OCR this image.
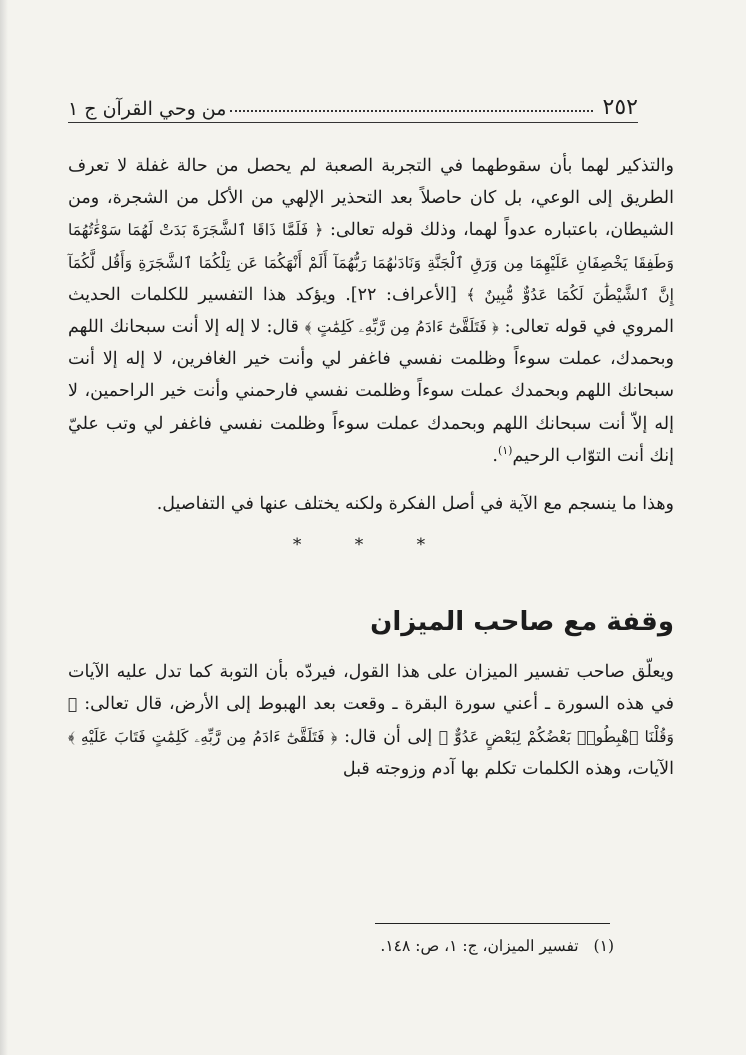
٢٥٢
من وحي القرآن ج ١

والتذكير لهما بأن سقوطهما في التجربة الصعبة لم يحصل من حالة غفلة لا تعرف الطريق إلى الوعي، بل كان حاصلاً بعد التحذير الإلهي من الأكل من الشجرة، ومن الشيطان، باعتباره عدواً لهما، وذلك قوله تعالى: ﴿ فَلَمَّا ذَاقَا ٱلشَّجَرَةَ بَدَتْ لَهُمَا سَوْءَٰتُهُمَا وَطَفِقَا يَخْصِفَانِ عَلَيْهِمَا مِن وَرَقِ ٱلْجَنَّةِ وَنَادَىٰهُمَا رَبُّهُمَآ أَلَمْ أَنْهَكُمَا عَن تِلْكُمَا ٱلشَّجَرَةِ وَأَقُل لَّكُمَآ إِنَّ ٱلشَّيْطَٰنَ لَكُمَا عَدُوٌّ مُّبِينٌ ﴾ [الأعراف: ٢٢]. ويؤكد هذا التفسير للكلمات الحديث المروي في قوله تعالى: ﴿ فَتَلَقَّىٰٓ ءَادَمُ مِن رَّبِّهِۦ كَلِمَٰتٍ ﴾ قال: لا إله إلا أنت سبحانك اللهم وبحمدك، عملت سوءاً وظلمت نفسي فاغفر لي وأنت خير الغافرين، لا إله إلا أنت سبحانك اللهم وبحمدك عملت سوءاً وظلمت نفسي فارحمني وأنت خير الراحمين، لا إله إلاّ أنت سبحانك اللهم وبحمدك عملت سوءاً وظلمت نفسي فاغفر لي وتب عليّ إنك أنت التوّاب الرحيم$^{(١)}$.

وهذا ما ينسجم مع الآية في أصل الفكرة ولكنه يختلف عنها في التفاصيل.

* * *
وقفة مع صاحب الميزان

ويعلّق صاحب تفسير الميزان على هذا القول، فيردّه بأن التوبة كما تدل عليه الآيات في هذه السورة ـ أعني سورة البقرة ـ وقعت بعد الهبوط إلى الأرض، قال تعالى: ﴿ وَقُلْنَا ٱهْبِطُوا۟ بَعْضُكُمْ لِبَعْضٍ عَدُوٌّ ﴾ إلى أن قال: ﴿ فَتَلَقَّىٰٓ ءَادَمُ مِن رَّبِّهِۦ كَلِمَٰتٍ فَتَابَ عَلَيْهِ ﴾ الآيات، وهذه الكلمات تكلم بها آدم وزوجته قبل

(١) تفسير الميزان، ج: ١، ص: ١٤٨.
